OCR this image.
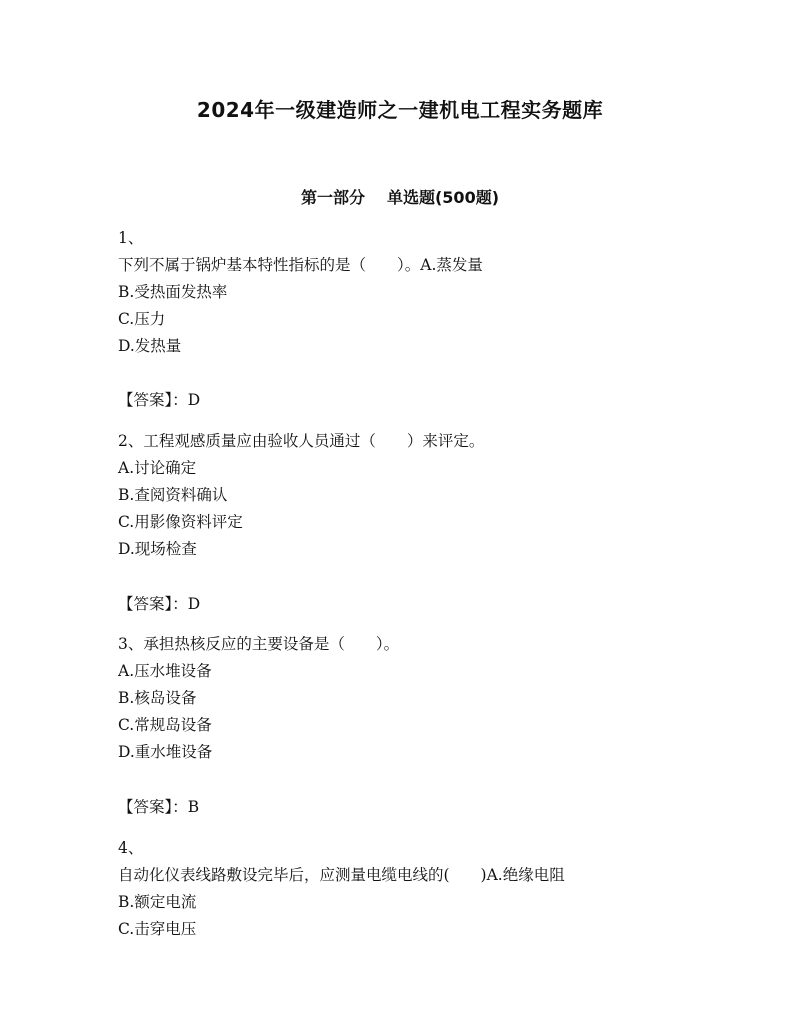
2024年一级建造师之一建机电工程实务题库
第一部分 单选题(500题)
1、
下列不属于锅炉基本特性指标的是（　　）。A.蒸发量
B.受热面发热率
C.压力
D.发热量
【答案】：D
2、工程观感质量应由验收人员通过（　　）来评定。
A.讨论确定
B.查阅资料确认
C.用影像资料评定
D.现场检查
【答案】：D
3、承担热核反应的主要设备是（　　）。
A.压水堆设备
B.核岛设备
C.常规岛设备
D.重水堆设备
【答案】：B
4、
自动化仪表线路敷设完毕后，应测量电缆电线的(　　)A.绝缘电阻
B.额定电流
C.击穿电压
